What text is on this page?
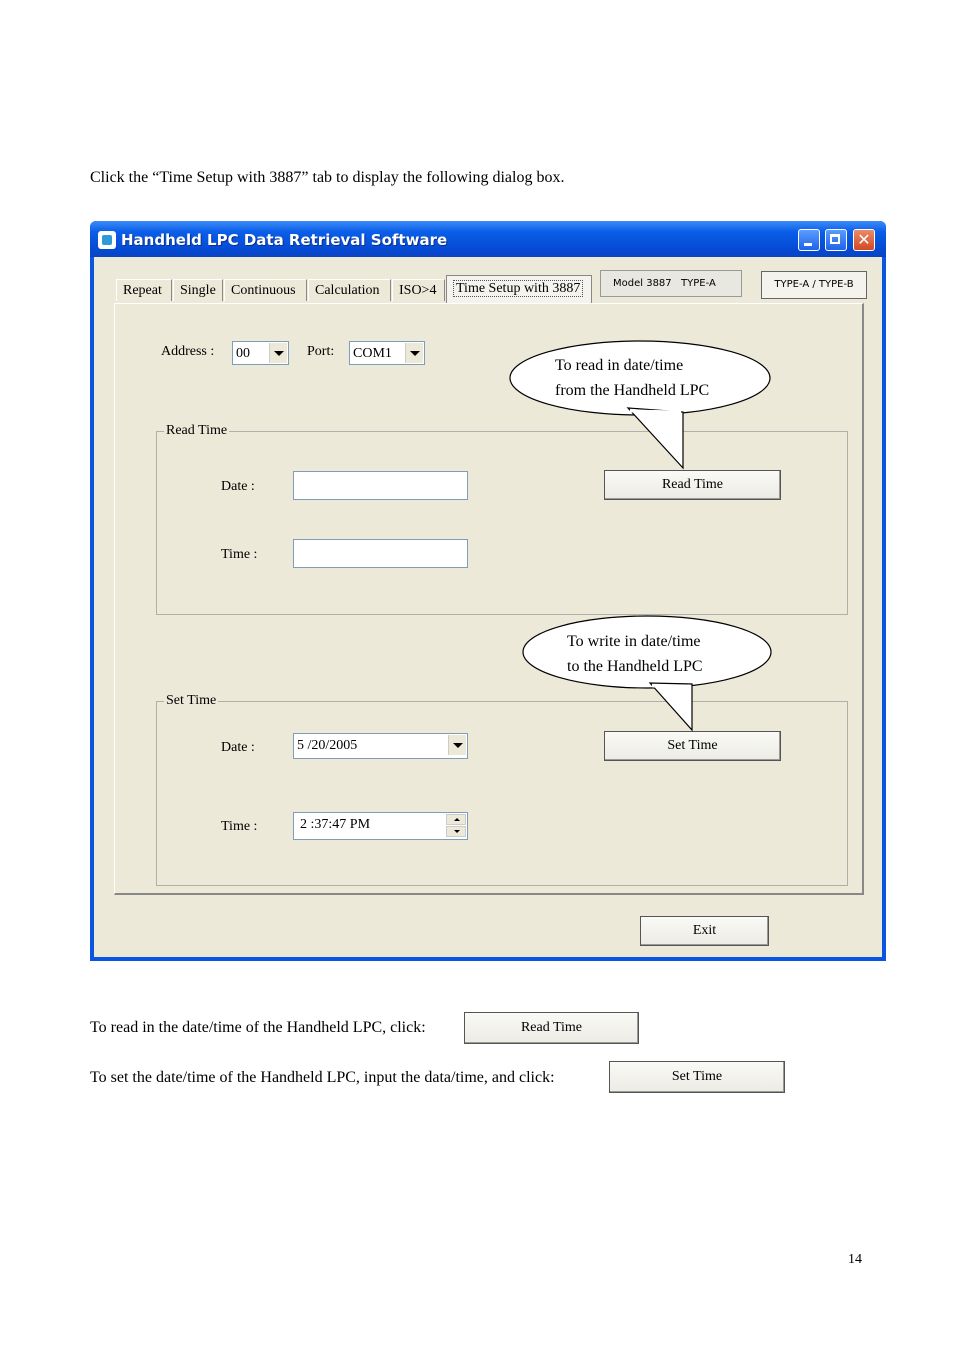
Click the “Time Setup with 3887” tab to display the following dialog box.
Handheld LPC Data Retrieval Software	✕
Repeat	Single	Continuous	Calculation	ISO>4	Time Setup with 3887	Model 3887 TYPE-A	TYPE-A / TYPE-B
Address : 00	Port: COM1
Read Time
Date :
Time :
Read Time
Set Time
Date :	5 /20/2005
Time :	2 :37:47 PM
Set Time
Exit
To read in date/time
from the Handheld LPC
To write in date/time
to the Handheld LPC
To read in the date/time of the Handheld LPC, click:	Read Time
To set the date/time of the Handheld LPC, input the data/time, and click:	Set Time
14
